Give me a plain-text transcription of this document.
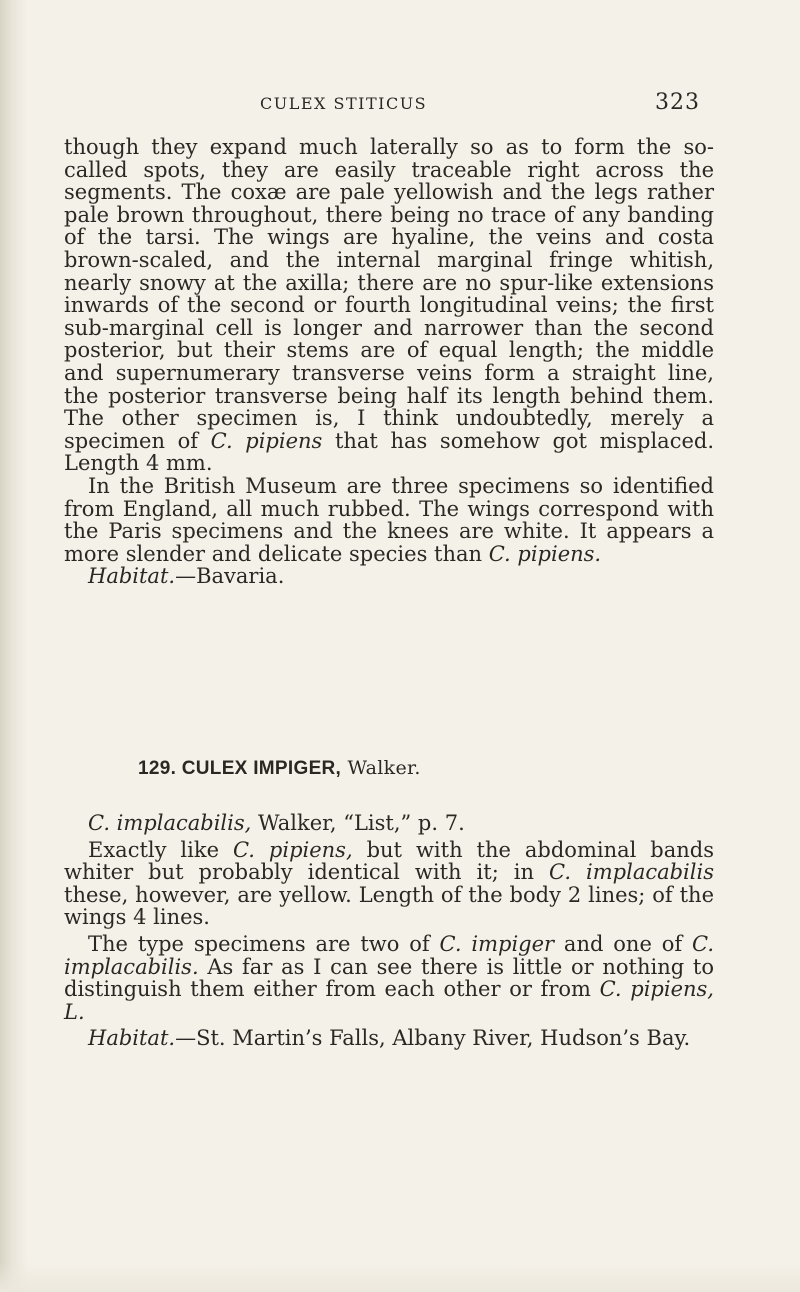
CULEX STITICUS	323

though they expand much laterally so as to form the so-called spots, they are easily traceable right across the segments. The coxæ are pale yellowish and the legs rather pale brown throughout, there being no trace of any banding of the tarsi. The wings are hyaline, the veins and costa brown-scaled, and the internal marginal fringe whitish, nearly snowy at the axilla; there are no spur-like extensions inwards of the second or fourth longitudinal veins; the first sub-marginal cell is longer and narrower than the second posterior, but their stems are of equal length; the middle and supernumerary transverse veins form a straight line, the posterior transverse being half its length behind them. The other specimen is, I think undoubtedly, merely a specimen of C. pipiens that has somehow got misplaced. Length 4 mm.

In the British Museum are three specimens so identified from England, all much rubbed. The wings correspond with the Paris specimens and the knees are white. It appears a more slender and delicate species than C. pipiens.

Habitat.—Bavaria.

129. CULEX IMPIGER, Walker.

C. implacabilis, Walker, “List,” p. 7.

Exactly like C. pipiens, but with the abdominal bands whiter but probably identical with it; in C. implacabilis these, however, are yellow. Length of the body 2 lines; of the wings 4 lines.

The type specimens are two of C. impiger and one of C. implacabilis. As far as I can see there is little or nothing to distinguish them either from each other or from C. pipiens, L.

Habitat.—St. Martin’s Falls, Albany River, Hudson’s Bay.
